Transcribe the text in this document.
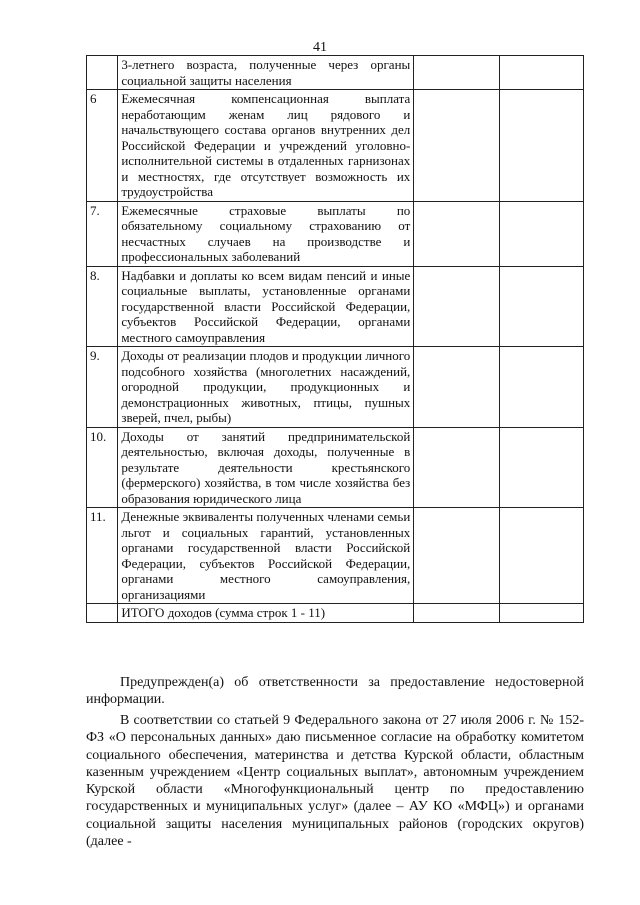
41
	3-летнего возраста, полученные через органы социальной защиты населения		
6	Ежемесячная компенсационная выплата неработающим женам лиц рядового и начальствующего состава органов внутренних дел Российской Федерации и учреждений уголовно-исполнительной системы в отдаленных гарнизонах и местностях, где отсутствует возможность их трудоустройства		
7.	Ежемесячные страховые выплаты по обязательному социальному страхованию от несчастных случаев на производстве и профессиональных заболеваний		
8.	Надбавки и доплаты ко всем видам пенсий и иные социальные выплаты, установленные органами государственной власти Российской Федерации, субъектов Российской Федерации, органами местного самоуправления		
9.	Доходы от реализации плодов и продукции личного подсобного хозяйства (многолетних насаждений, огородной продукции, продукционных и демонстрационных животных, птицы, пушных зверей, пчел, рыбы)		
10.	Доходы от занятий предпринимательской деятельностью, включая доходы, полученные в результате деятельности крестьянского (фермерского) хозяйства, в том числе хозяйства без образования юридического лица		
11.	Денежные эквиваленты полученных членами семьи льгот и социальных гарантий, установленных органами государственной власти Российской Федерации, субъектов Российской Федерации, органами местного самоуправления, организациями		
	ИТОГО доходов (сумма строк 1 - 11)		

Предупрежден(а) об ответственности за предоставление недостоверной информации.

В соответствии со статьей 9 Федерального закона от 27 июля 2006 г. № 152-ФЗ «О персональных данных» даю письменное согласие на обработку комитетом социального обеспечения, материнства и детства Курской области, областным казенным учреждением «Центр социальных выплат», автономным учреждением Курской области «Многофункциональный центр по предоставлению государственных и муниципальных услуг» (далее – АУ КО «МФЦ») и органами социальной защиты населения муниципальных районов (городских округов) (далее -
